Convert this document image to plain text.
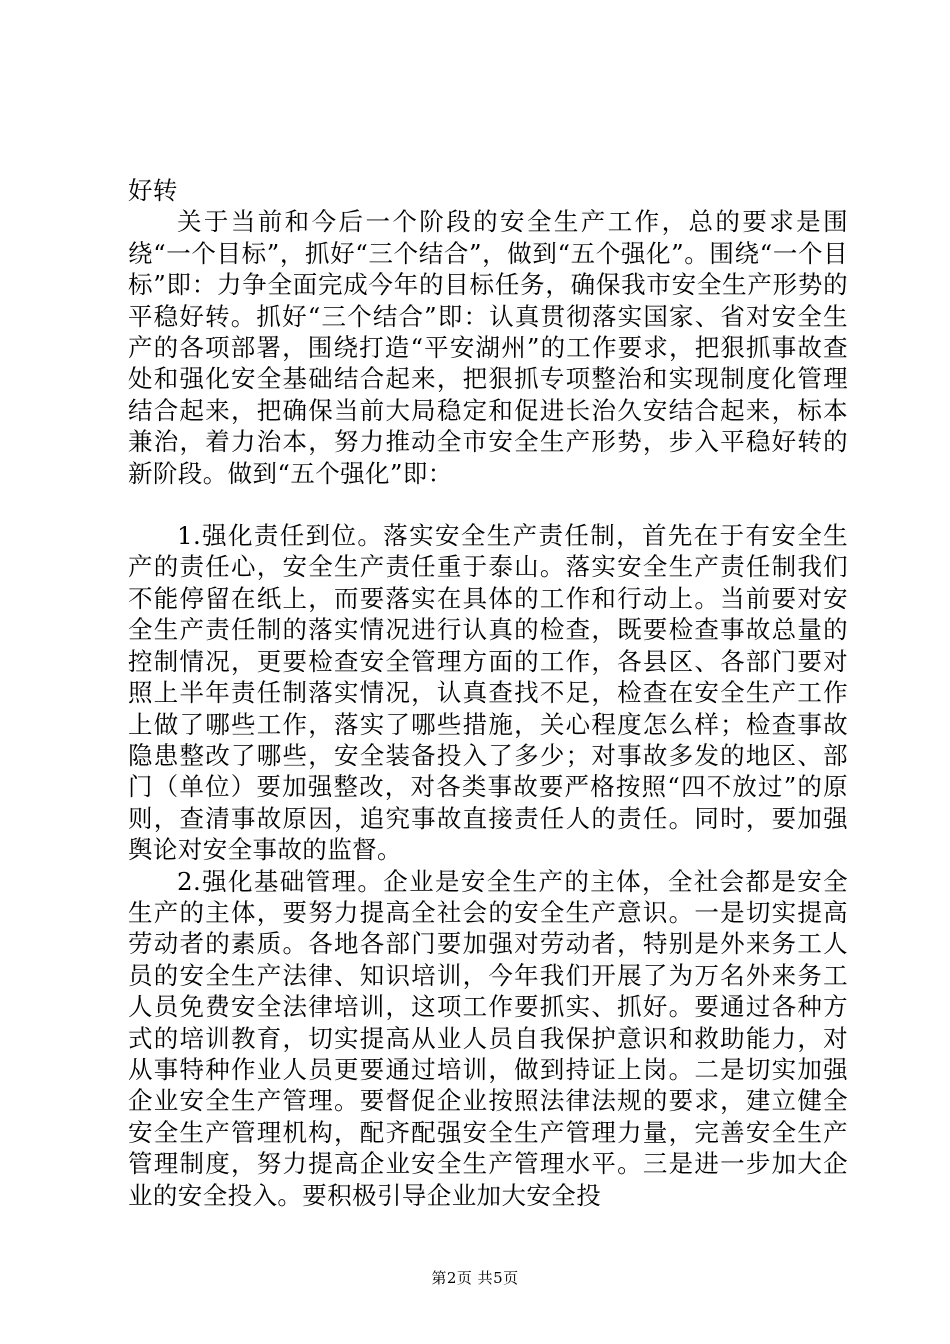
好转

关于当前和今后一个阶段的安全生产工作，总的要求是围绕“一个目标”，抓好“三个结合”，做到“五个强化”。围绕“一个目标”即：力争全面完成今年的目标任务，确保我市安全生产形势的平稳好转。抓好“三个结合”即：认真贯彻落实国家、省对安全生产的各项部署，围绕打造“平安湖州”的工作要求，把狠抓事故查处和强化安全基础结合起来，把狠抓专项整治和实现制度化管理结合起来，把确保当前大局稳定和促进长治久安结合起来，标本兼治，着力治本，努力推动全市安全生产形势，步入平稳好转的新阶段。做到“五个强化”即：

1.强化责任到位。落实安全生产责任制，首先在于有安全生产的责任心，安全生产责任重于泰山。落实安全生产责任制我们不能停留在纸上，而要落实在具体的工作和行动上。当前要对安全生产责任制的落实情况进行认真的检查，既要检查事故总量的控制情况，更要检查安全管理方面的工作，各县区、各部门要对照上半年责任制落实情况，认真查找不足，检查在安全生产工作上做了哪些工作，落实了哪些措施，关心程度怎么样；检查事故隐患整改了哪些，安全装备投入了多少；对事故多发的地区、部门（单位）要加强整改，对各类事故要严格按照“四不放过”的原则，查清事故原因，追究事故直接责任人的责任。同时，要加强舆论对安全事故的监督。

2.强化基础管理。企业是安全生产的主体，全社会都是安全生产的主体，要努力提高全社会的安全生产意识。一是切实提高劳动者的素质。各地各部门要加强对劳动者，特别是外来务工人员的安全生产法律、知识培训，今年我们开展了为万名外来务工人员免费安全法律培训，这项工作要抓实、抓好。要通过各种方式的培训教育，切实提高从业人员自我保护意识和救助能力，对从事特种作业人员更要通过培训，做到持证上岗。二是切实加强企业安全生产管理。要督促企业按照法律法规的要求，建立健全安全生产管理机构，配齐配强安全生产管理力量，完善安全生产管理制度，努力提高企业安全生产管理水平。三是进一步加大企业的安全投入。要积极引导企业加大安全投

第2页 共5页
